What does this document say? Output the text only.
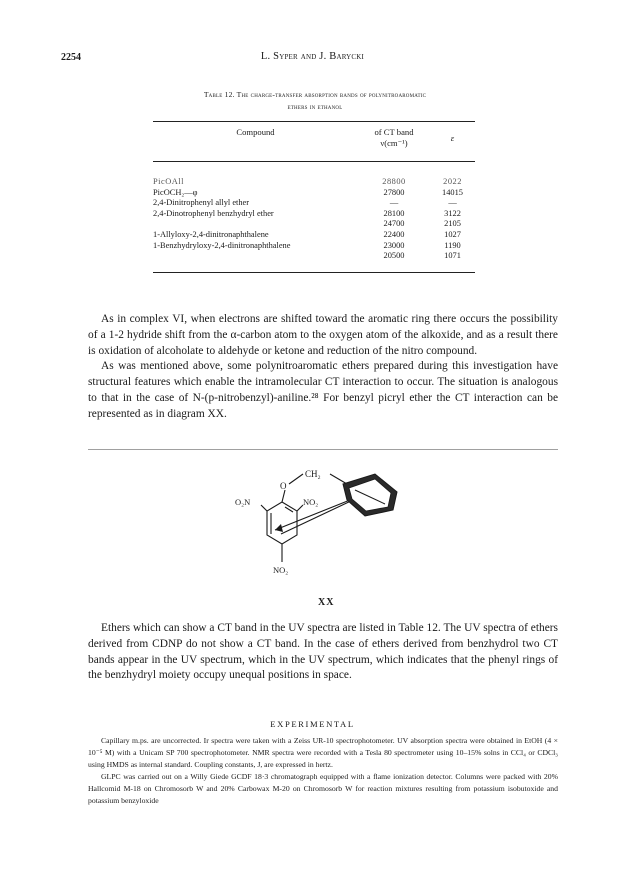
2254	L. Syper and J. Barycki
Table 12. The charge-transfer absorption bands of polynitroaromatic
ethers in ethanol
Compound	of CT band
ν(cm⁻¹)	ε
PicOAll	28800	2022
PicOCH₂—φ	27800	14015
2,4-Dinitrophenyl allyl ether	—	—
2,4-Dinotrophenyl benzhydryl ether	28100	3122
	24700	2105
1-Allyloxy-2,4-dinitronaphthalene	22400	1027
1-Benzhydryloxy-2,4-dinitronaphthalene	23000	1190
	20500	1071

As in complex VI, when electrons are shifted toward the aromatic ring there occurs the possibility of a 1-2 hydride shift from the α-carbon atom to the oxygen atom of the alkoxide, and as a result there is oxidation of alcoholate to aldehyde or ketone and reduction of the nitro compound.

As was mentioned above, some polynitroaromatic ethers prepared during this investigation have structural features which enable the intramolecular CT interaction to occur. The situation is analogous to that in the case of N-(p-nitrobenzyl)-aniline.²⁸ For benzyl picryl ether the CT interaction can be represented as in diagram XX.

CH₂
O
O₂N	NO₂
NO₂
XX

Ethers which can show a CT band in the UV spectra are listed in Table 12. The UV spectra of ethers derived from CDNP do not show a CT band. In the case of ethers derived from benzhydrol two CT bands appear in the UV spectrum, which in the UV spectrum, which indicates that the phenyl rings of the benzhydryl moiety occupy unequal positions in space.

EXPERIMENTAL

Capillary m.ps. are uncorrected. Ir spectra were taken with a Zeiss UR-10 spectrophotometer. UV absorption spectra were obtained in EtOH (4 × 10⁻⁵ M) with a Unicam SP 700 spectrophotometer. NMR spectra were recorded with a Tesla 80 spectrometer using 10–15% solns in CCl₄ or CDCl₃ using HMDS as internal standard. Coupling constants, J, are expressed in hertz.

GLPC was carried out on a Willy Giede GCDF 18·3 chromatograph equipped with a flame ionization detector. Columns were packed with 20% Hallcomid M-18 on Chromosorb W and 20% Carbowax M-20 on Chromosorb W for reaction mixtures resulting from potassium isobutoxide and potassium benzyloxide
